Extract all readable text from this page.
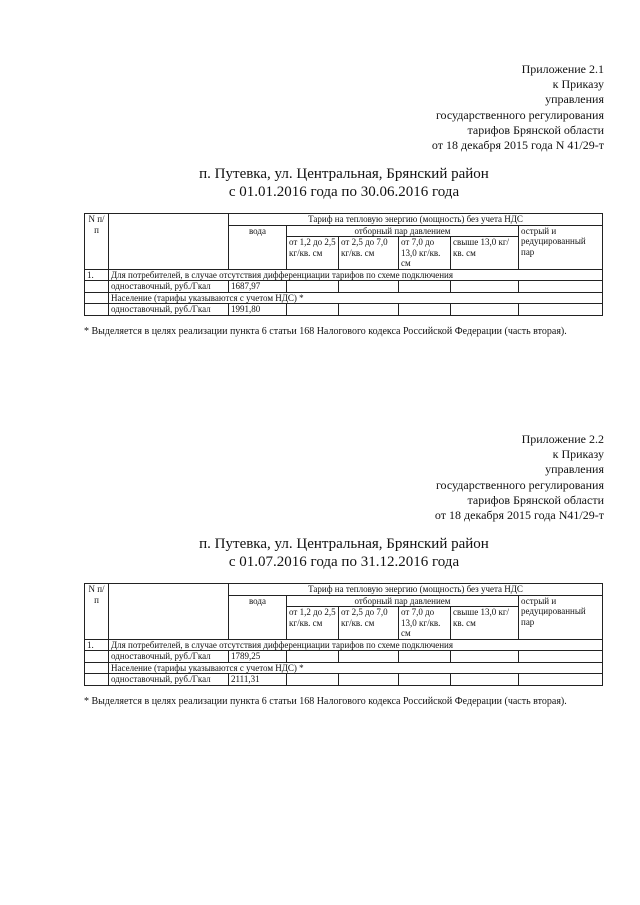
Приложение 2.1
к Приказу
управления
государственного регулирования
тарифов Брянской области
от 18 декабря 2015 года N 41/29-т
п. Путевка, ул. Центральная, Брянский район
с 01.01.2016 года по 30.06.2016 года
N п/п		Тариф на тепловую энергию (мощность) без учета НДС					
		вода	отборный пар давлением				острый и редуцированный пар
			от 1,2 до 2,5 кг/кв. см	от 2,5 до 7,0 кг/кв. см	от 7,0 до 13,0 кг/кв. см	свыше 13,0 кг/кв. см	
1.	Для потребителей, в случае отсутствия дифференциации тарифов по схеме подключения						
	одноставочный, руб./Гкал	1687,97					
	Население (тарифы указываются с учетом НДС) *						
	одноставочный, руб./Гкал	1991,80					
* Выделяется в целях реализации пункта 6 статьи 168 Налогового кодекса Российской Федерации (часть вторая).
Приложение 2.2
к Приказу
управления
государственного регулирования
тарифов Брянской области
от 18 декабря 2015 года N41/29-т
п. Путевка, ул. Центральная, Брянский район
с 01.07.2016 года по 31.12.2016 года
N п/п		Тариф на тепловую энергию (мощность) без учета НДС					
		вода	отборный пар давлением				острый и редуцированный пар
			от 1,2 до 2,5 кг/кв. см	от 2,5 до 7,0 кг/кв. см	от 7,0 до 13,0 кг/кв. см	свыше 13,0 кг/кв. см	
1.	Для потребителей, в случае отсутствия дифференциации тарифов по схеме подключения						
	одноставочный, руб./Гкал	1789,25					
	Население (тарифы указываются с учетом НДС) *						
	одноставочный, руб./Гкал	2111,31					
* Выделяется в целях реализации пункта 6 статьи 168 Налогового кодекса Российской Федерации (часть вторая).
